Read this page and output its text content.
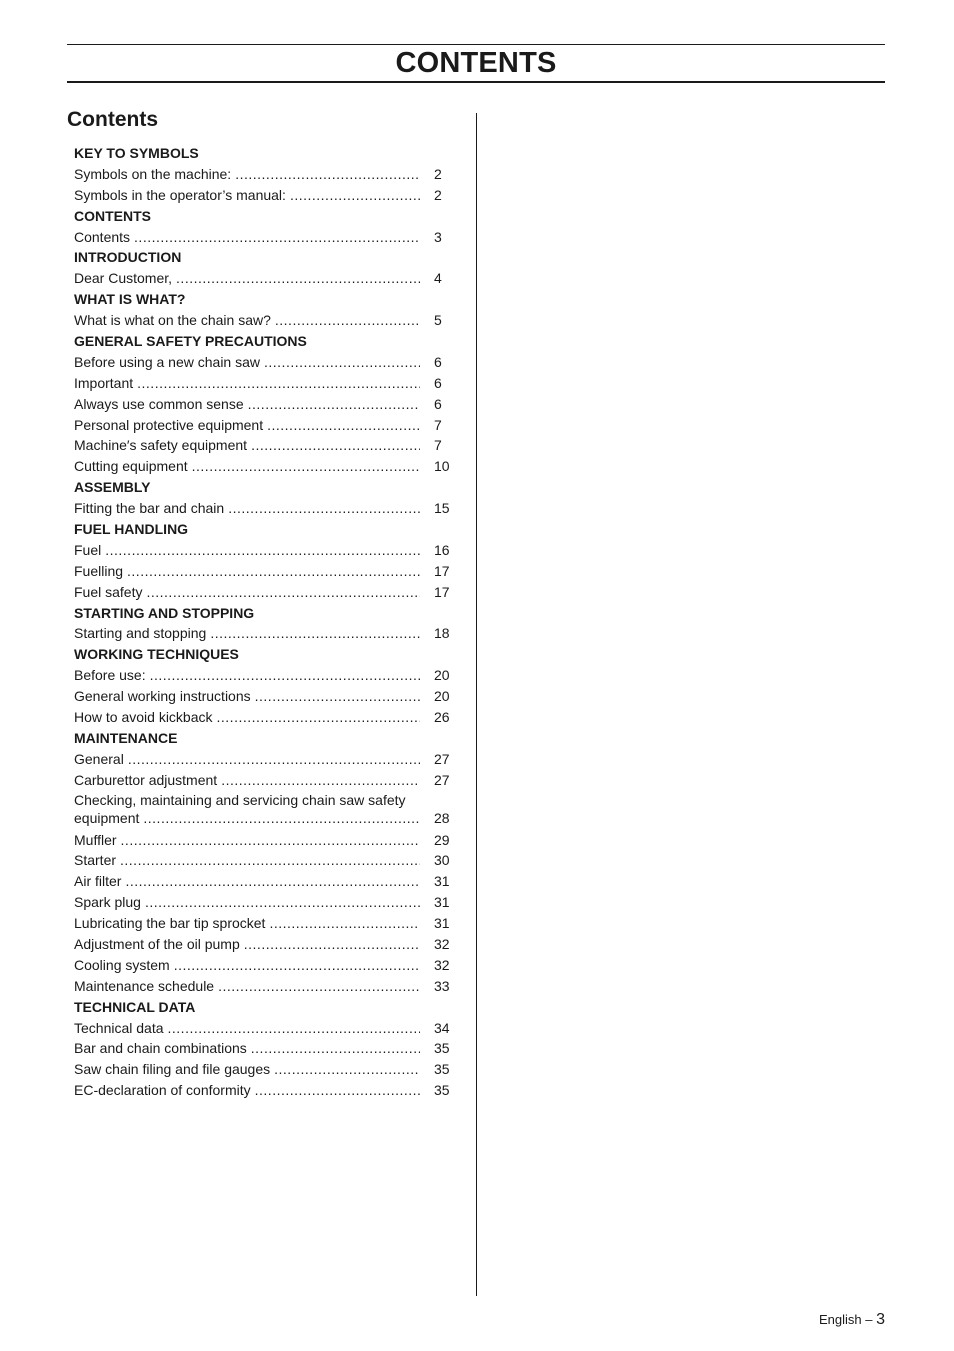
CONTENTS
Contents
KEY TO SYMBOLS
Symbols on the machine: .....	2
Symbols in the operator’s manual: .....	2
CONTENTS
Contents .....	3
INTRODUCTION
Dear Customer, .....	4
WHAT IS WHAT?
What is what on the chain saw? .....	5
GENERAL SAFETY PRECAUTIONS
Before using a new chain saw .....	6
Important .....	6
Always use common sense .....	6
Personal protective equipment .....	7
Machine′s safety equipment .....	7
Cutting equipment .....	10
ASSEMBLY
Fitting the bar and chain .....	15
FUEL HANDLING
Fuel .....	16
Fuelling .....	17
Fuel safety .....	17
STARTING AND STOPPING
Starting and stopping .....	18
WORKING TECHNIQUES
Before use: .....	20
General working instructions .....	20
How to avoid kickback .....	26
MAINTENANCE
General .....	27
Carburettor adjustment .....	27
Checking, maintaining and servicing chain saw safety
equipment .....	28
Muffler .....	29
Starter .....	30
Air filter .....	31
Spark plug .....	31
Lubricating the bar tip sprocket .....	31
Adjustment of the oil pump .....	32
Cooling system .....	32
Maintenance schedule .....	33
TECHNICAL DATA
Technical data .....	34
Bar and chain combinations .....	35
Saw chain filing and file gauges .....	35
EC-declaration of conformity .....	35
English – 3
